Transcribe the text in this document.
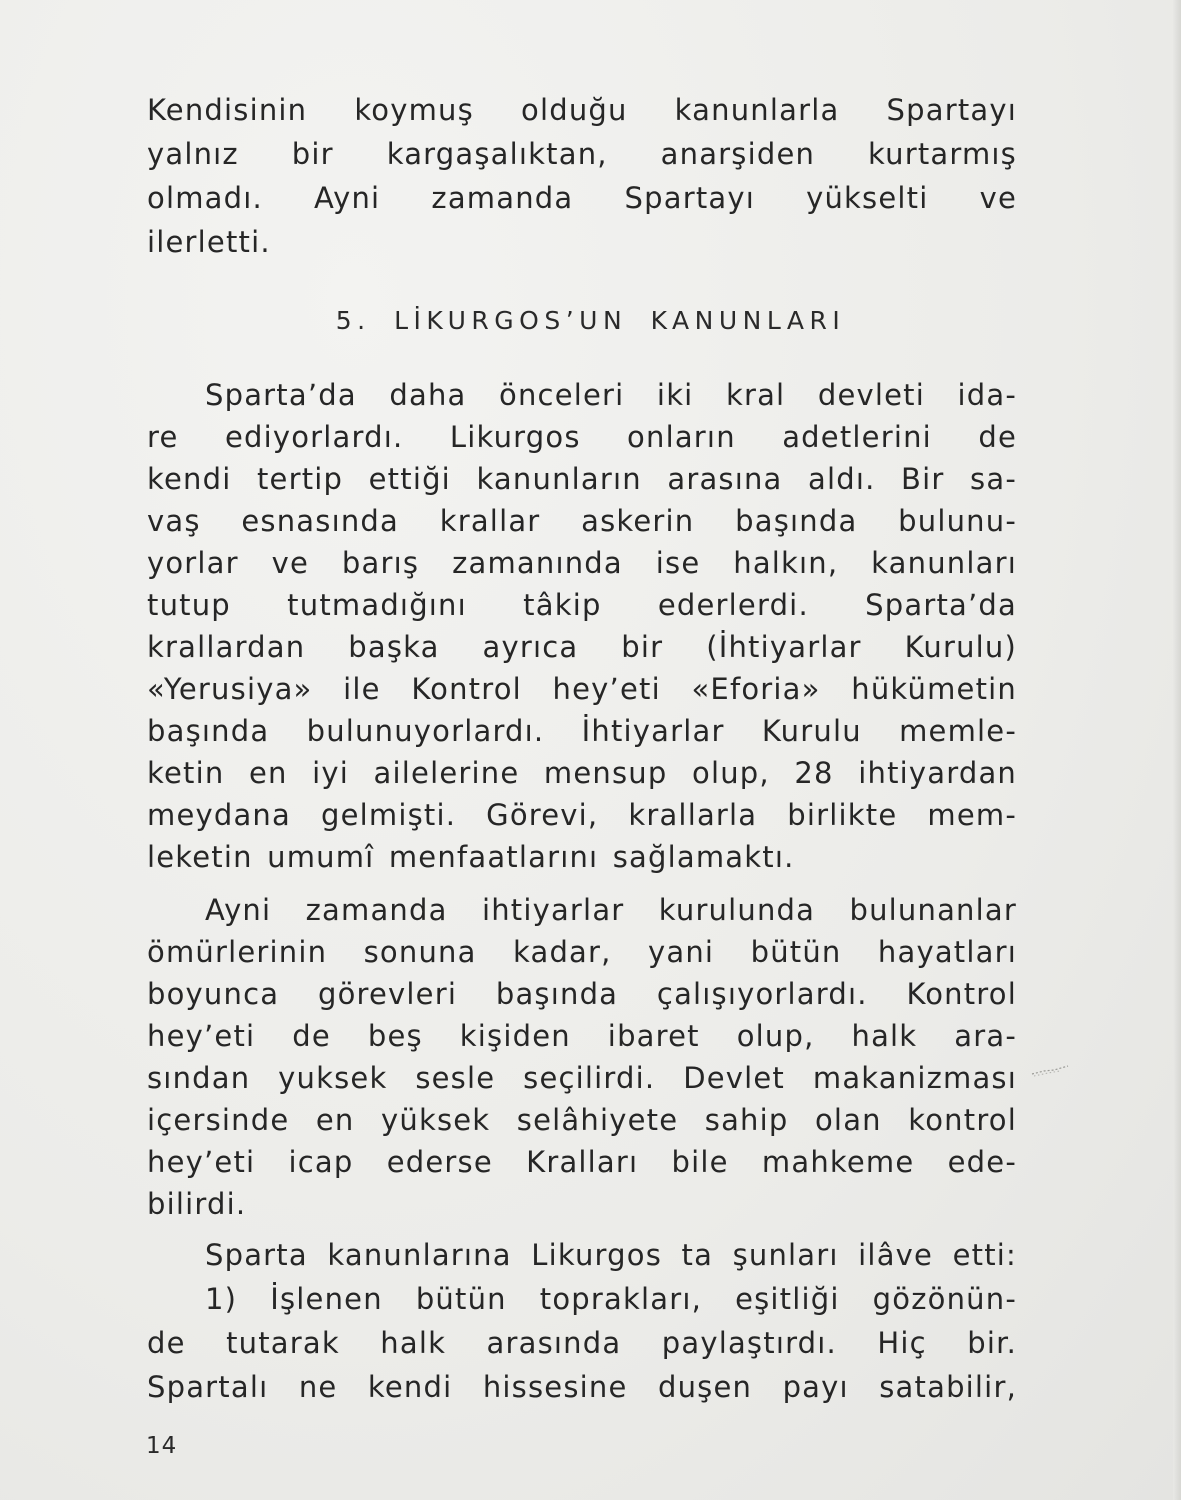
Kendisinin koymuş olduğu kanunlarla Spartayı
yalnız bir kargaşalıktan, anarşiden kurtarmış
olmadı. Ayni zamanda Spartayı yükselti ve
ilerletti.
5. LİKURGOS’UN KANUNLARI
Sparta’da daha önceleri iki kral devleti ida-
re ediyorlardı. Likurgos onların adetlerini de
kendi tertip ettiği kanunların arasına aldı. Bir sa-
vaş esnasında krallar askerin başında bulunu-
yorlar ve barış zamanında ise halkın, kanunları
tutup tutmadığını tâkip ederlerdi. Sparta’da
krallardan başka ayrıca bir (İhtiyarlar Kurulu)
«Yerusiya» ile Kontrol hey’eti «Eforia» hükümetin
başında bulunuyorlardı. İhtiyarlar Kurulu memle-
ketin en iyi ailelerine mensup olup, 28 ihtiyardan
meydana gelmişti. Görevi, krallarla birlikte mem-
leketin umumî menfaatlarını sağlamaktı.
Ayni zamanda ihtiyarlar kurulunda bulunanlar
ömürlerinin sonuna kadar, yani bütün hayatları
boyunca görevleri başında çalışıyorlardı. Kontrol
hey’eti de beş kişiden ibaret olup, halk ara-
sından yuksek sesle seçilirdi. Devlet makanizması
içersinde en yüksek selâhiyete sahip olan kontrol
hey’eti icap ederse Kralları bile mahkeme ede-
bilirdi.
Sparta kanunlarına Likurgos ta şunları ilâve etti:
1) İşlenen bütün toprakları, eşitliği gözönün-
de tutarak halk arasında paylaştırdı. Hiç bir.
Spartalı ne kendi hissesine duşen payı satabilir,
14
